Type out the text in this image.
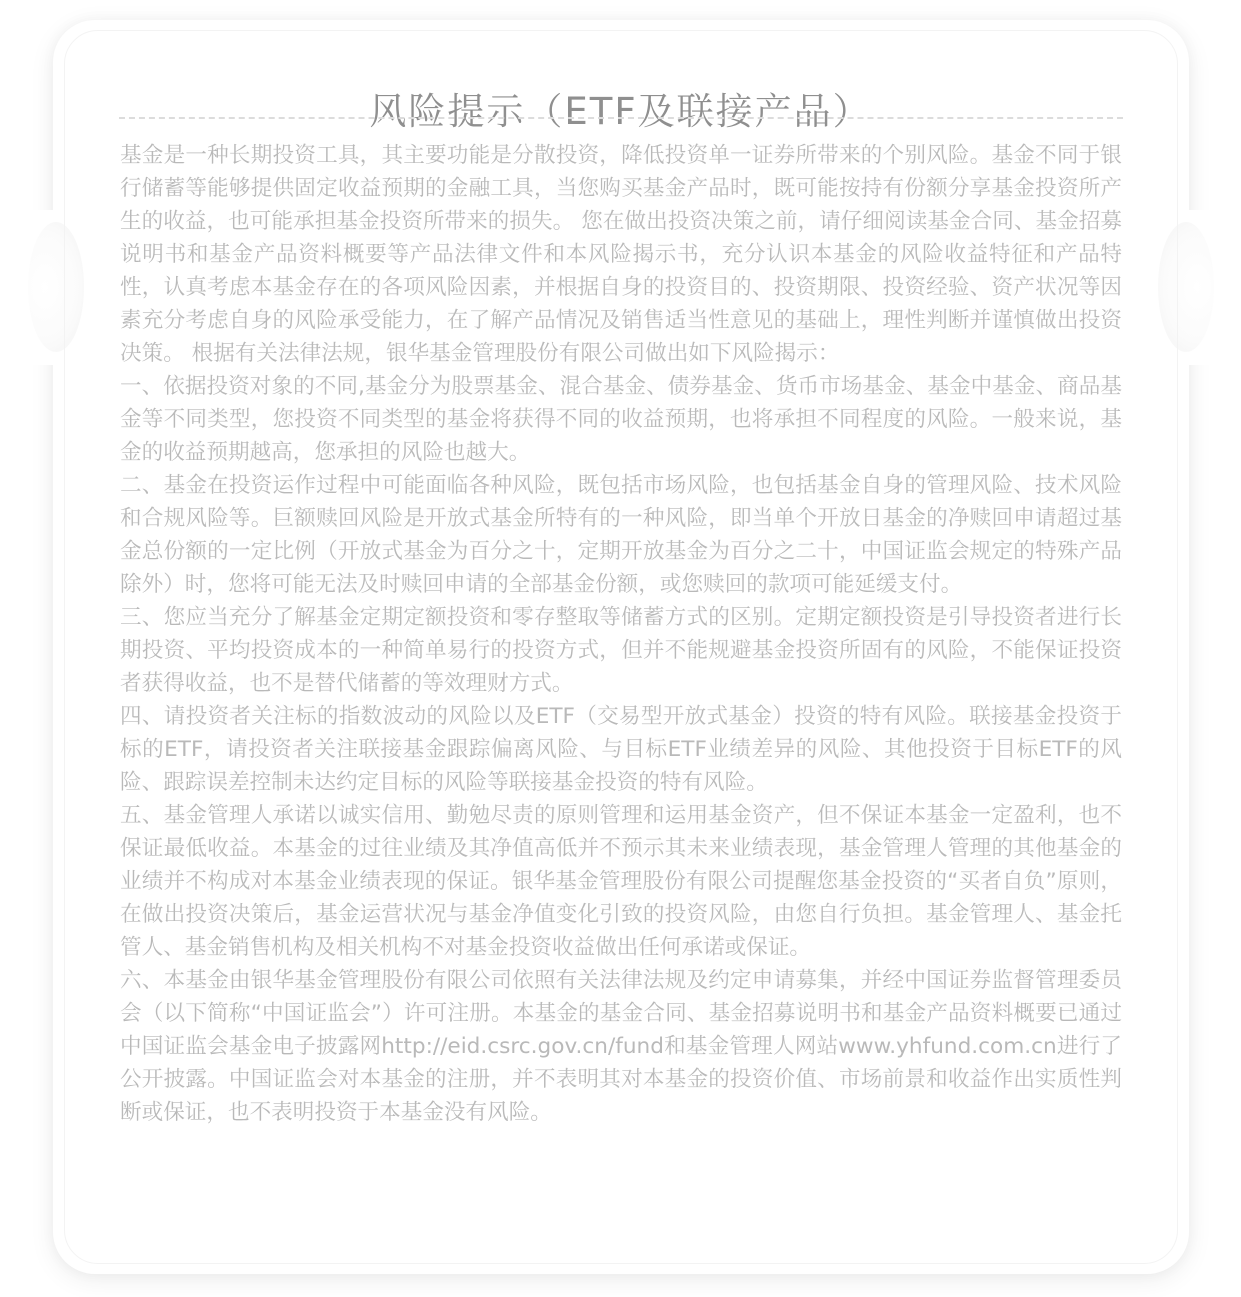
风险提示（ETF及联接产品）

基金是一种长期投资工具，其主要功能是分散投资，降低投资单一证券所带来的个别风险。基金不同于银行储蓄等能够提供固定收益预期的金融工具，当您购买基金产品时，既可能按持有份额分享基金投资所产生的收益，也可能承担基金投资所带来的损失。 您在做出投资决策之前，请仔细阅读基金合同、基金招募说明书和基金产品资料概要等产品法律文件和本风险揭示书，充分认识本基金的风险收益特征和产品特性，认真考虑本基金存在的各项风险因素，并根据自身的投资目的、投资期限、投资经验、资产状况等因素充分考虑自身的风险承受能力，在了解产品情况及销售适当性意见的基础上，理性判断并谨慎做出投资决策。 根据有关法律法规，银华基金管理股份有限公司做出如下风险揭示：

一、依据投资对象的不同,基金分为股票基金、混合基金、债券基金、货币市场基金、基金中基金、商品基金等不同类型，您投资不同类型的基金将获得不同的收益预期，也将承担不同程度的风险。一般来说，基金的收益预期越高，您承担的风险也越大。

二、基金在投资运作过程中可能面临各种风险，既包括市场风险，也包括基金自身的管理风险、技术风险和合规风险等。巨额赎回风险是开放式基金所特有的一种风险，即当单个开放日基金的净赎回申请超过基金总份额的一定比例（开放式基金为百分之十，定期开放基金为百分之二十，中国证监会规定的特殊产品除外）时，您将可能无法及时赎回申请的全部基金份额，或您赎回的款项可能延缓支付。

三、您应当充分了解基金定期定额投资和零存整取等储蓄方式的区别。定期定额投资是引导投资者进行长期投资、平均投资成本的一种简单易行的投资方式，但并不能规避基金投资所固有的风险，不能保证投资者获得收益，也不是替代储蓄的等效理财方式。

四、请投资者关注标的指数波动的风险以及ETF（交易型开放式基金）投资的特有风险。联接基金投资于标的ETF，请投资者关注联接基金跟踪偏离风险、与目标ETF业绩差异的风险、其他投资于目标ETF的风险、跟踪误差控制未达约定目标的风险等联接基金投资的特有风险。

五、基金管理人承诺以诚实信用、勤勉尽责的原则管理和运用基金资产，但不保证本基金一定盈利，也不保证最低收益。本基金的过往业绩及其净值高低并不预示其未来业绩表现，基金管理人管理的其他基金的业绩并不构成对本基金业绩表现的保证。银华基金管理股份有限公司提醒您基金投资的“买者自负”原则，在做出投资决策后，基金运营状况与基金净值变化引致的投资风险，由您自行负担。基金管理人、基金托管人、基金销售机构及相关机构不对基金投资收益做出任何承诺或保证。

六、本基金由银华基金管理股份有限公司依照有关法律法规及约定申请募集，并经中国证券监督管理委员会（以下简称“中国证监会”）许可注册。本基金的基金合同、基金招募说明书和基金产品资料概要已通过中国证监会基金电子披露网http://eid.csrc.gov.cn/fund和基金管理人网站www.yhfund.com.cn进行了公开披露。中国证监会对本基金的注册，并不表明其对本基金的投资价值、市场前景和收益作出实质性判断或保证，也不表明投资于本基金没有风险。
